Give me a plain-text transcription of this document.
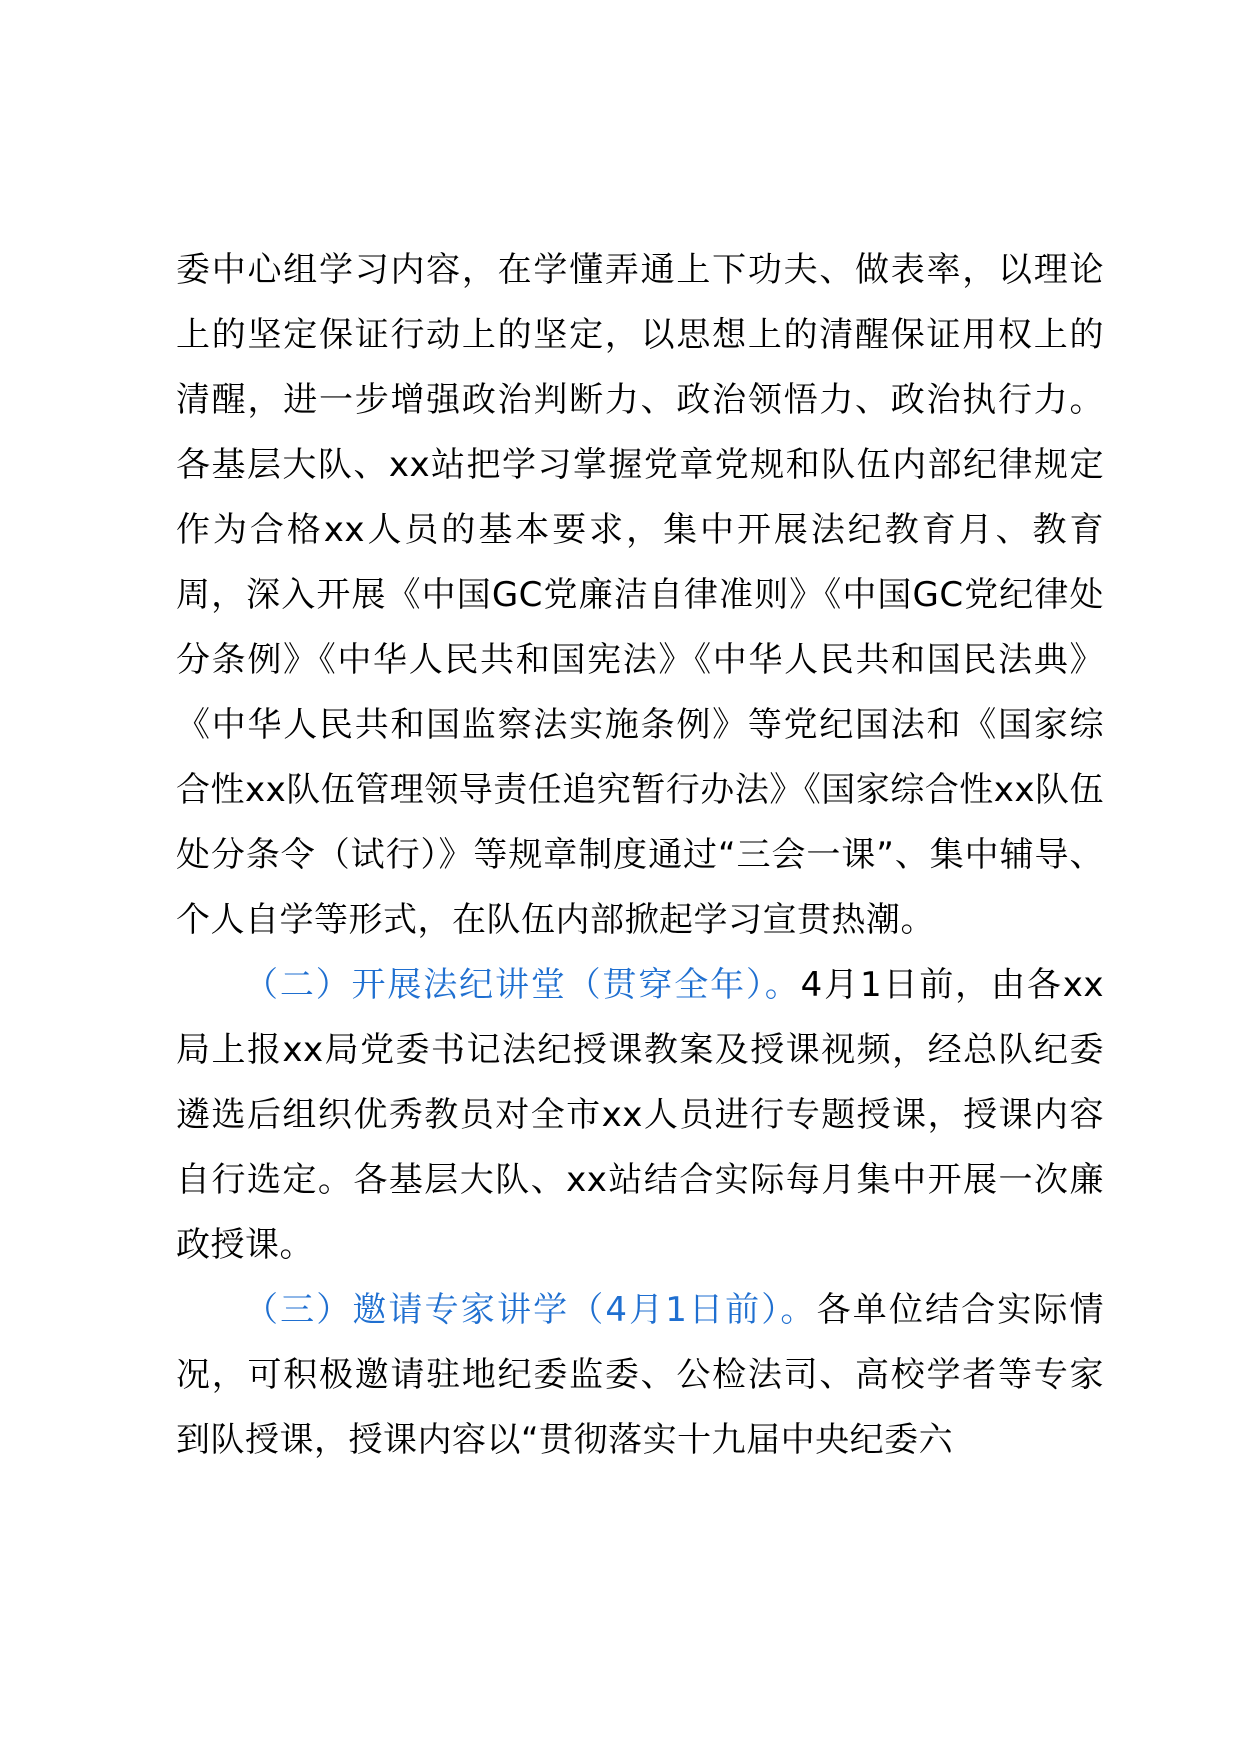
委中心组学习内容，在学懂弄通上下功夫、做表率，以理论上的坚定保证行动上的坚定，以思想上的清醒保证用权上的清醒，进一步增强政治判断力、政治领悟力、政治执行力。各基层大队、xx站把学习掌握党章党规和队伍内部纪律规定作为合格xx人员的基本要求，集中开展法纪教育月、教育周，深入开展《中国GC党廉洁自律准则》《中国GC党纪律处分条例》《中华人民共和国宪法》《中华人民共和国民法典》《中华人民共和国监察法实施条例》等党纪国法和《国家综合性xx队伍管理领导责任追究暂行办法》《国家综合性xx队伍处分条令（试行）》等规章制度通过“三会一课”、集中辅导、个人自学等形式，在队伍内部掀起学习宣贯热潮。

（二）开展法纪讲堂（贯穿全年）。4月1日前，由各xx局上报xx局党委书记法纪授课教案及授课视频，经总队纪委遴选后组织优秀教员对全市xx人员进行专题授课，授课内容自行选定。各基层大队、xx站结合实际每月集中开展一次廉政授课。

（三）邀请专家讲学（4月1日前）。各单位结合实际情况，可积极邀请驻地纪委监委、公检法司、高校学者等专家到队授课，授课内容以“贯彻落实十九届中央纪委六
